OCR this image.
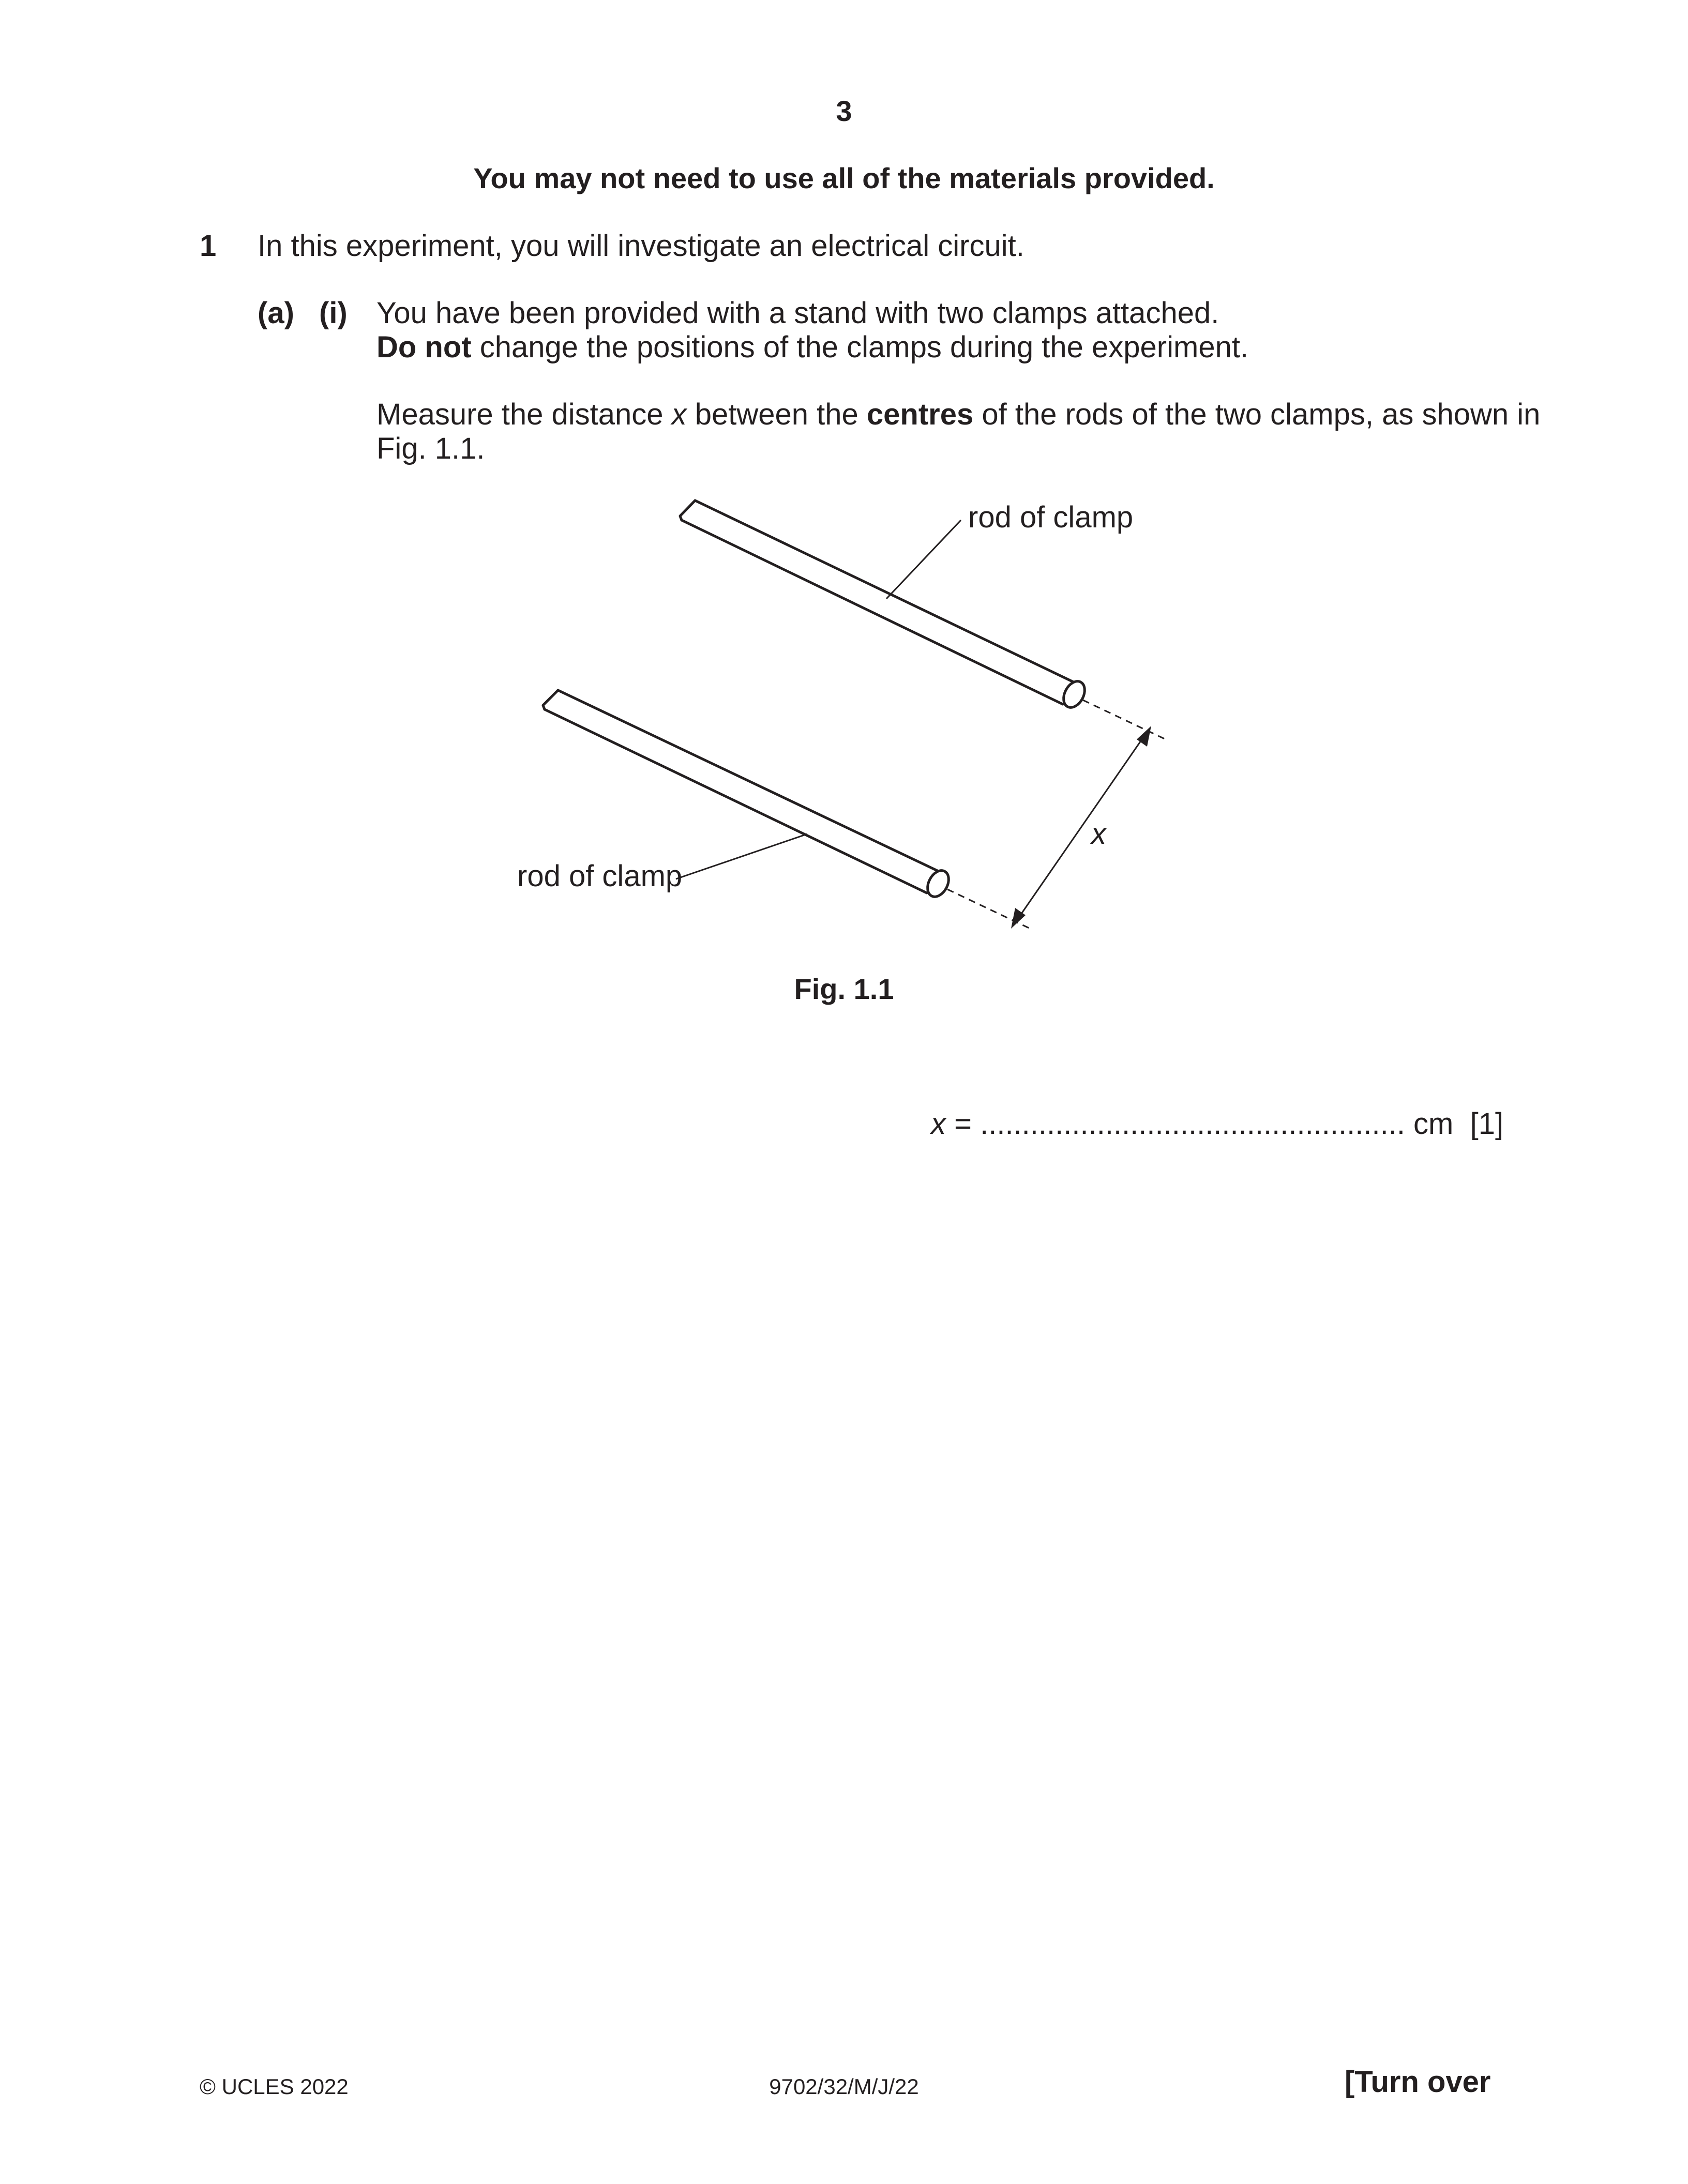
3
You may not need to use all of the materials provided.
1 In this experiment, you will investigate an electrical circuit.
(a) (i) You have been provided with a stand with two clamps attached.
Do not change the positions of the clamps during the experiment.
Measure the distance x between the centres of the rods of the two clamps, as shown in
Fig. 1.1.
rod of clamp
rod of clamp
x
Fig. 1.1
x = ................................................... cm [1]
© UCLES 2022	9702/32/M/J/22	[Turn over
